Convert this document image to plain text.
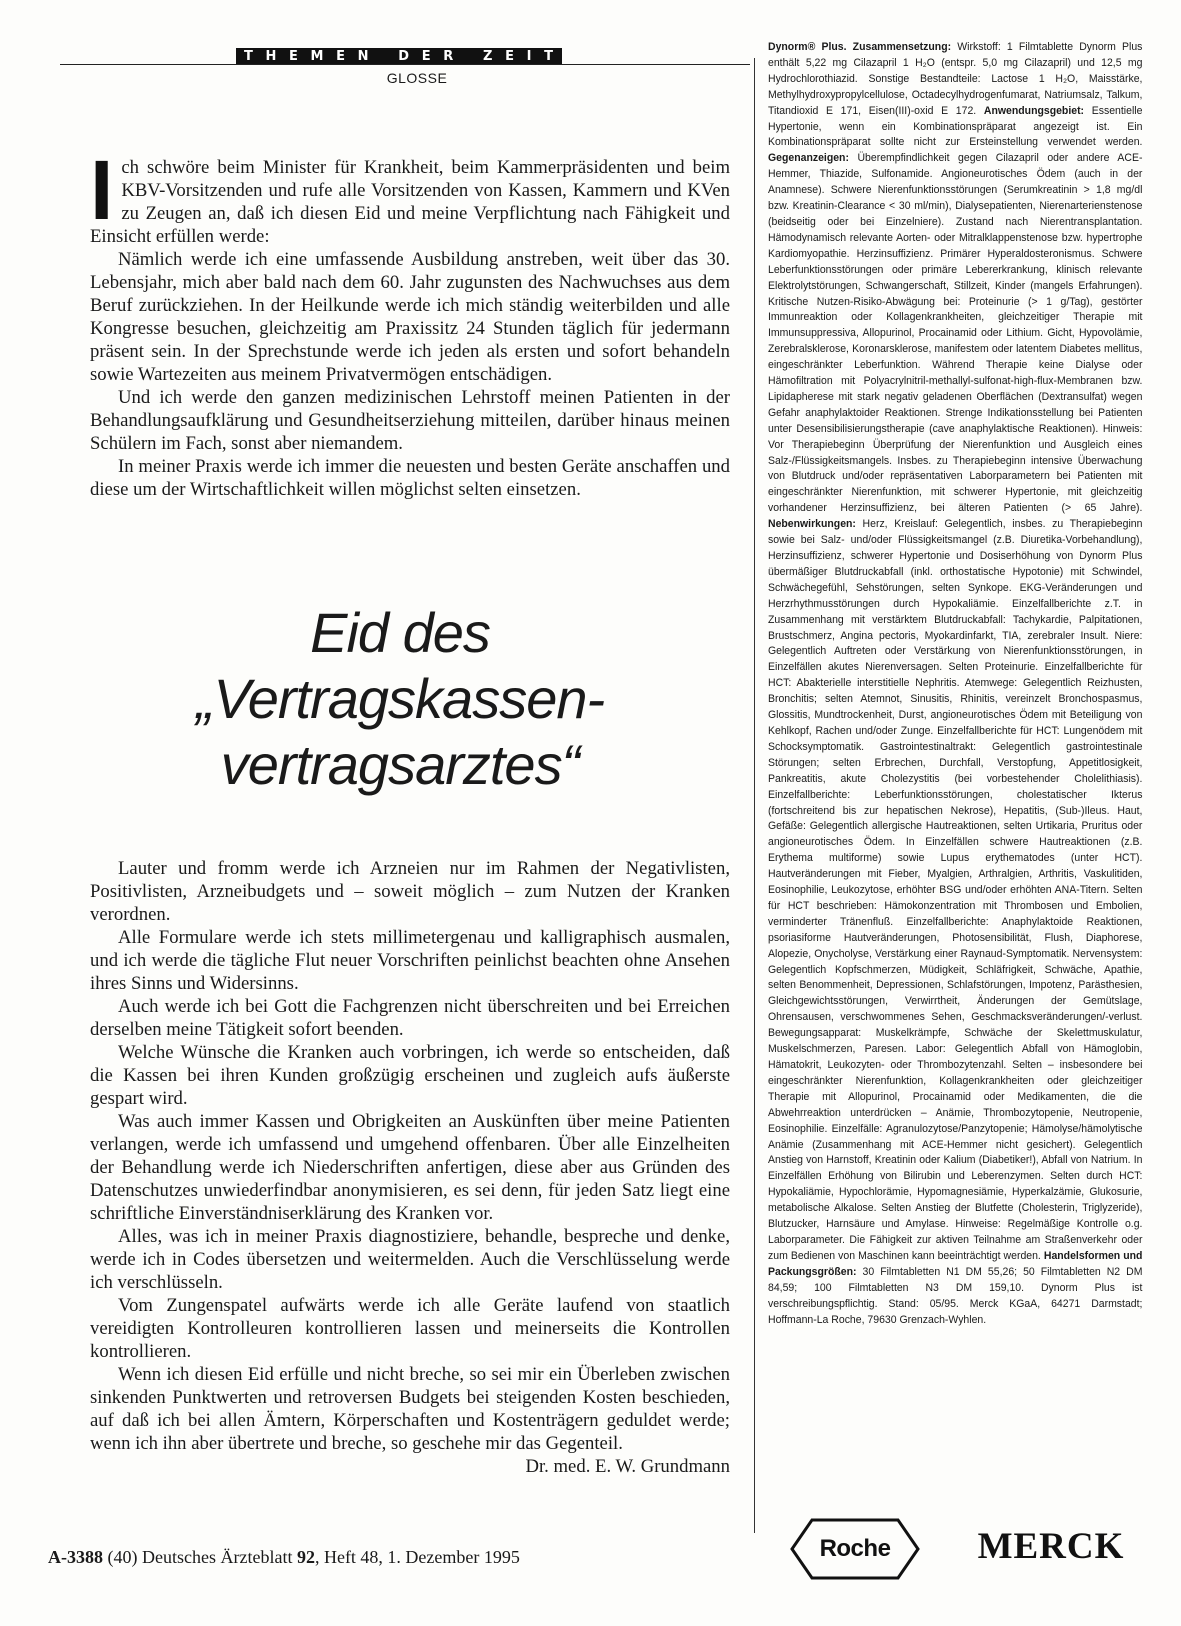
T H E M E N
D E R
Z E I T
GLOSSE

Ich schwöre beim Minister für Krankheit, beim Kammerpräsidenten und beim KBV-Vorsitzenden und rufe alle Vorsitzenden von Kassen, Kammern und KVen zu Zeugen an, daß ich diesen Eid und meine Verpflichtung nach Fähigkeit und Einsicht erfüllen werde:

Nämlich werde ich eine umfassende Ausbildung anstreben, weit über das 30. Lebensjahr, mich aber bald nach dem 60. Jahr zugunsten des Nachwuchses aus dem Beruf zurückziehen. In der Heilkunde werde ich mich ständig weiterbilden und alle Kongresse besuchen, gleichzeitig am Praxissitz 24 Stunden täglich für jedermann präsent sein. In der Sprechstunde werde ich jeden als ersten und sofort behandeln sowie Wartezeiten aus meinem Privatvermögen entschädigen.

Und ich werde den ganzen medizinischen Lehrstoff meinen Patienten in der Behandlungsaufklärung und Gesundheitserziehung mitteilen, darüber hinaus meinen Schülern im Fach, sonst aber niemandem.

In meiner Praxis werde ich immer die neuesten und besten Geräte anschaffen und diese um der Wirtschaftlichkeit willen möglichst selten einsetzen.

Eid des
„Vertragskassen-
vertragsarztes“

Lauter und fromm werde ich Arzneien nur im Rahmen der Negativlisten, Positivlisten, Arzneibudgets und – soweit möglich – zum Nutzen der Kranken verordnen.

Alle Formulare werde ich stets millimetergenau und kalligraphisch ausmalen, und ich werde die tägliche Flut neuer Vorschriften peinlichst beachten ohne Ansehen ihres Sinns und Widersinns.

Auch werde ich bei Gott die Fachgrenzen nicht überschreiten und bei Erreichen derselben meine Tätigkeit sofort beenden.

Welche Wünsche die Kranken auch vorbringen, ich werde so entscheiden, daß die Kassen bei ihren Kunden großzügig erscheinen und zugleich aufs äußerste gespart wird.

Was auch immer Kassen und Obrigkeiten an Auskünften über meine Patienten verlangen, werde ich umfassend und umgehend offenbaren. Über alle Einzelheiten der Behandlung werde ich Niederschriften anfertigen, diese aber aus Gründen des Datenschutzes unwiederfindbar anonymisieren, es sei denn, für jeden Satz liegt eine schriftliche Einverständniserklärung des Kranken vor.

Alles, was ich in meiner Praxis diagnostiziere, behandle, bespreche und denke, werde ich in Codes übersetzen und weitermelden. Auch die Verschlüsselung werde ich verschlüsseln.

Vom Zungenspatel aufwärts werde ich alle Geräte laufend von staatlich vereidigten Kontrolleuren kontrollieren lassen und meinerseits die Kontrollen kontrollieren.

Wenn ich diesen Eid erfülle und nicht breche, so sei mir ein Überleben zwischen sinkenden Punktwerten und retroversen Budgets bei steigenden Kosten beschieden, auf daß ich bei allen Ämtern, Körperschaften und Kostenträgern geduldet werde; wenn ich ihn aber übertrete und breche, so geschehe mir das Gegenteil.
Dr. med. E. W. Grundmann

A-3388 (40) Deutsches Ärzteblatt 92, Heft 48, 1. Dezember 1995

Dynorm® Plus. Zusammensetzung: Wirkstoff: 1 Filmtablette Dynorm Plus enthält 5,22 mg Cilazapril 1 H₂O (entspr. 5,0 mg Cilazapril) und 12,5 mg Hydrochlorothiazid. Sonstige Bestandteile: Lactose 1 H₂O, Maisstärke, Methylhydroxypropylcellulose, Octadecylhydrogenfumarat, Natriumsalz, Talkum, Titandioxid E 171, Eisen(III)-oxid E 172. Anwendungsgebiet: Essentielle Hypertonie, wenn ein Kombinationspräparat angezeigt ist. Ein Kombinationspräparat sollte nicht zur Ersteinstellung verwendet werden. Gegenanzeigen: Überempfindlichkeit gegen Cilazapril oder andere ACE-Hemmer, Thiazide, Sulfonamide. Angioneurotisches Ödem (auch in der Anamnese). Schwere Nierenfunktionsstörungen (Serumkreatinin > 1,8 mg/dl bzw. Kreatinin-Clearance < 30 ml/min), Dialysepatienten, Nierenarterienstenose (beidseitig oder bei Einzelniere). Zustand nach Nierentransplantation. Hämodynamisch relevante Aorten- oder Mitralklappenstenose bzw. hypertrophe Kardiomyopathie. Herzinsuffizienz. Primärer Hyperaldosteronismus. Schwere Leberfunktionsstörungen oder primäre Lebererkrankung, klinisch relevante Elektrolytstörungen, Schwangerschaft, Stillzeit, Kinder (mangels Erfahrungen). Kritische Nutzen-Risiko-Abwägung bei: Proteinurie (> 1 g/Tag), gestörter Immunreaktion oder Kollagenkrankheiten, gleichzeitiger Therapie mit Immunsuppressiva, Allopurinol, Procainamid oder Lithium. Gicht, Hypovolämie, Zerebralsklerose, Koronarsklerose, manifestem oder latentem Diabetes mellitus, eingeschränkter Leberfunktion. Während Therapie keine Dialyse oder Hämofiltration mit Polyacrylnitril-methallyl-sulfonat-high-flux-Membranen bzw. Lipidapherese mit stark negativ geladenen Oberflächen (Dextransulfat) wegen Gefahr anaphylaktoider Reaktionen. Strenge Indikationsstellung bei Patienten unter Desensibilisierungstherapie (cave anaphylaktische Reaktionen). Hinweis: Vor Therapiebeginn Überprüfung der Nierenfunktion und Ausgleich eines Salz-/Flüssigkeitsmangels. Insbes. zu Therapiebeginn intensive Überwachung von Blutdruck und/oder repräsentativen Laborparametern bei Patienten mit eingeschränkter Nierenfunktion, mit schwerer Hypertonie, mit gleichzeitig vorhandener Herzinsuffizienz, bei älteren Patienten (> 65 Jahre). Nebenwirkungen: Herz, Kreislauf: Gelegentlich, insbes. zu Therapiebeginn sowie bei Salz- und/oder Flüssigkeitsmangel (z.B. Diuretika-Vorbehandlung), Herzinsuffizienz, schwerer Hypertonie und Dosiserhöhung von Dynorm Plus übermäßiger Blutdruckabfall (inkl. orthostatische Hypotonie) mit Schwindel, Schwächegefühl, Sehstörungen, selten Synkope. EKG-Veränderungen und Herzrhythmusstörungen durch Hypokaliämie. Einzelfallberichte z.T. in Zusammenhang mit verstärktem Blutdruckabfall: Tachykardie, Palpitationen, Brustschmerz, Angina pectoris, Myokardinfarkt, TIA, zerebraler Insult. Niere: Gelegentlich Auftreten oder Verstärkung von Nierenfunktionsstörungen, in Einzelfällen akutes Nierenversagen. Selten Proteinurie. Einzelfallberichte für HCT: Abakterielle interstitielle Nephritis. Atemwege: Gelegentlich Reizhusten, Bronchitis; selten Atemnot, Sinusitis, Rhinitis, vereinzelt Bronchospasmus, Glossitis, Mundtrockenheit, Durst, angioneurotisches Ödem mit Beteiligung von Kehlkopf, Rachen und/oder Zunge. Einzelfallberichte für HCT: Lungenödem mit Schocksymptomatik. Gastrointestinaltrakt: Gelegentlich gastrointestinale Störungen; selten Erbrechen, Durchfall, Verstopfung, Appetitlosigkeit, Pankreatitis, akute Cholezystitis (bei vorbestehender Cholelithiasis). Einzelfallberichte: Leberfunktionsstörungen, cholestatischer Ikterus (fortschreitend bis zur hepatischen Nekrose), Hepatitis, (Sub-)Ileus. Haut, Gefäße: Gelegentlich allergische Hautreaktionen, selten Urtikaria, Pruritus oder angioneurotisches Ödem. In Einzelfällen schwere Hautreaktionen (z.B. Erythema multiforme) sowie Lupus erythematodes (unter HCT). Hautveränderungen mit Fieber, Myalgien, Arthralgien, Arthritis, Vaskulitiden, Eosinophilie, Leukozytose, erhöhter BSG und/oder erhöhten ANA-Titern. Selten für HCT beschrieben: Hämokonzentration mit Thrombosen und Embolien, verminderter Tränenfluß. Einzelfallberichte: Anaphylaktoide Reaktionen, psoriasiforme Hautveränderungen, Photosensibilität, Flush, Diaphorese, Alopezie, Onycholyse, Verstärkung einer Raynaud-Symptomatik. Nervensystem: Gelegentlich Kopfschmerzen, Müdigkeit, Schläfrigkeit, Schwäche, Apathie, selten Benommenheit, Depressionen, Schlafstörungen, Impotenz, Parästhesien, Gleichgewichtsstörungen, Verwirrtheit, Änderungen der Gemütslage, Ohrensausen, verschwommenes Sehen, Geschmacksveränderungen/-verlust. Bewegungsapparat: Muskelkrämpfe, Schwäche der Skelettmuskulatur, Muskelschmerzen, Paresen. Labor: Gelegentlich Abfall von Hämoglobin, Hämatokrit, Leukozyten- oder Thrombozytenzahl. Selten – insbesondere bei eingeschränkter Nierenfunktion, Kollagenkrankheiten oder gleichzeitiger Therapie mit Allopurinol, Procainamid oder Medikamenten, die die Abwehrreaktion unterdrücken – Anämie, Thrombozytopenie, Neutropenie, Eosinophilie. Einzelfälle: Agranulozytose/Panzytopenie; Hämolyse/hämolytische Anämie (Zusammenhang mit ACE-Hemmer nicht gesichert). Gelegentlich Anstieg von Harnstoff, Kreatinin oder Kalium (Diabetiker!), Abfall von Natrium. In Einzelfällen Erhöhung von Bilirubin und Leberenzymen. Selten durch HCT: Hypokaliämie, Hypochlorämie, Hypomagnesiämie, Hyperkalzämie, Glukosurie, metabolische Alkalose. Selten Anstieg der Blutfette (Cholesterin, Triglyzeride), Blutzucker, Harnsäure und Amylase. Hinweise: Regelmäßige Kontrolle o.g. Laborparameter. Die Fähigkeit zur aktiven Teilnahme am Straßenverkehr oder zum Bedienen von Maschinen kann beeinträchtigt werden. Handelsformen und Packungsgrößen: 30 Filmtabletten N1 DM 55,26; 50 Filmtabletten N2 DM 84,59; 100 Filmtabletten N3 DM 159,10. Dynorm Plus ist verschreibungspflichtig. Stand: 05/95. Merck KGaA, 64271 Darmstadt; Hoffmann-La Roche, 79630 Grenzach-Wyhlen.

Roche	MERCK
